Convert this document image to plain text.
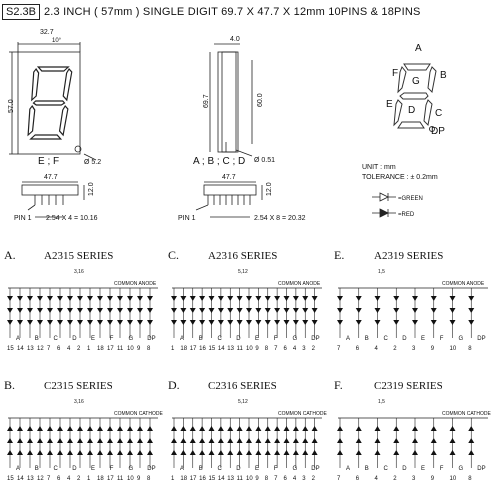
S2.3B 2.3 INCH ( 57mm ) SINGLE DIGIT 69.7 X 47.7 X 12mm 10PINS & 18PINS
32.7
10°
57.0
Ø 5.2
4.0
69.7	60.0
Ø 0.51
A
B
C
D
E
F
G
DP
E ; F	A ; B ; C ; D
47.7
12.0
PIN 1 2.54 X 4 = 10.16
47.7
12.0
PIN 1	2.54 X 8 = 20.32
UNIT : mm
TOLERANCE : ± 0.2mm
=GREEN
=RED
A.	A2315 SERIES
3,16
COMMON ANODE
15 14 13 12 7 6 4 2 1 18 17 11 10 9 8
A B C D E F	G DP
C.	A2316 SERIES
5,12
COMMON ANODE
1 18 17 16 15 14 13 11 10 9 8 7 6 4 3 2
A B C D E F	G DP
E.	A2319 SERIES
1,5
COMMON ANODE
7	6	4	2	3	9	10 8
A B C D E F	G DP
B.	C2315 SERIES
3,16
COMMON CATHODE
15 14 13 12 7 6 4 2 1 18 17 11 10 9 8
A B C D E F	G DP
D.	C2316 SERIES
5,12
COMMON CATHODE
1 18 17 16 15 14 13 11 10 9 8 7 6 4 3 2
A B C D E F	G DP
F.	C2319 SERIES
1,5
COMMON CATHODE
7	6	4	2	3	9	10 8
A B C D E F	G DP
